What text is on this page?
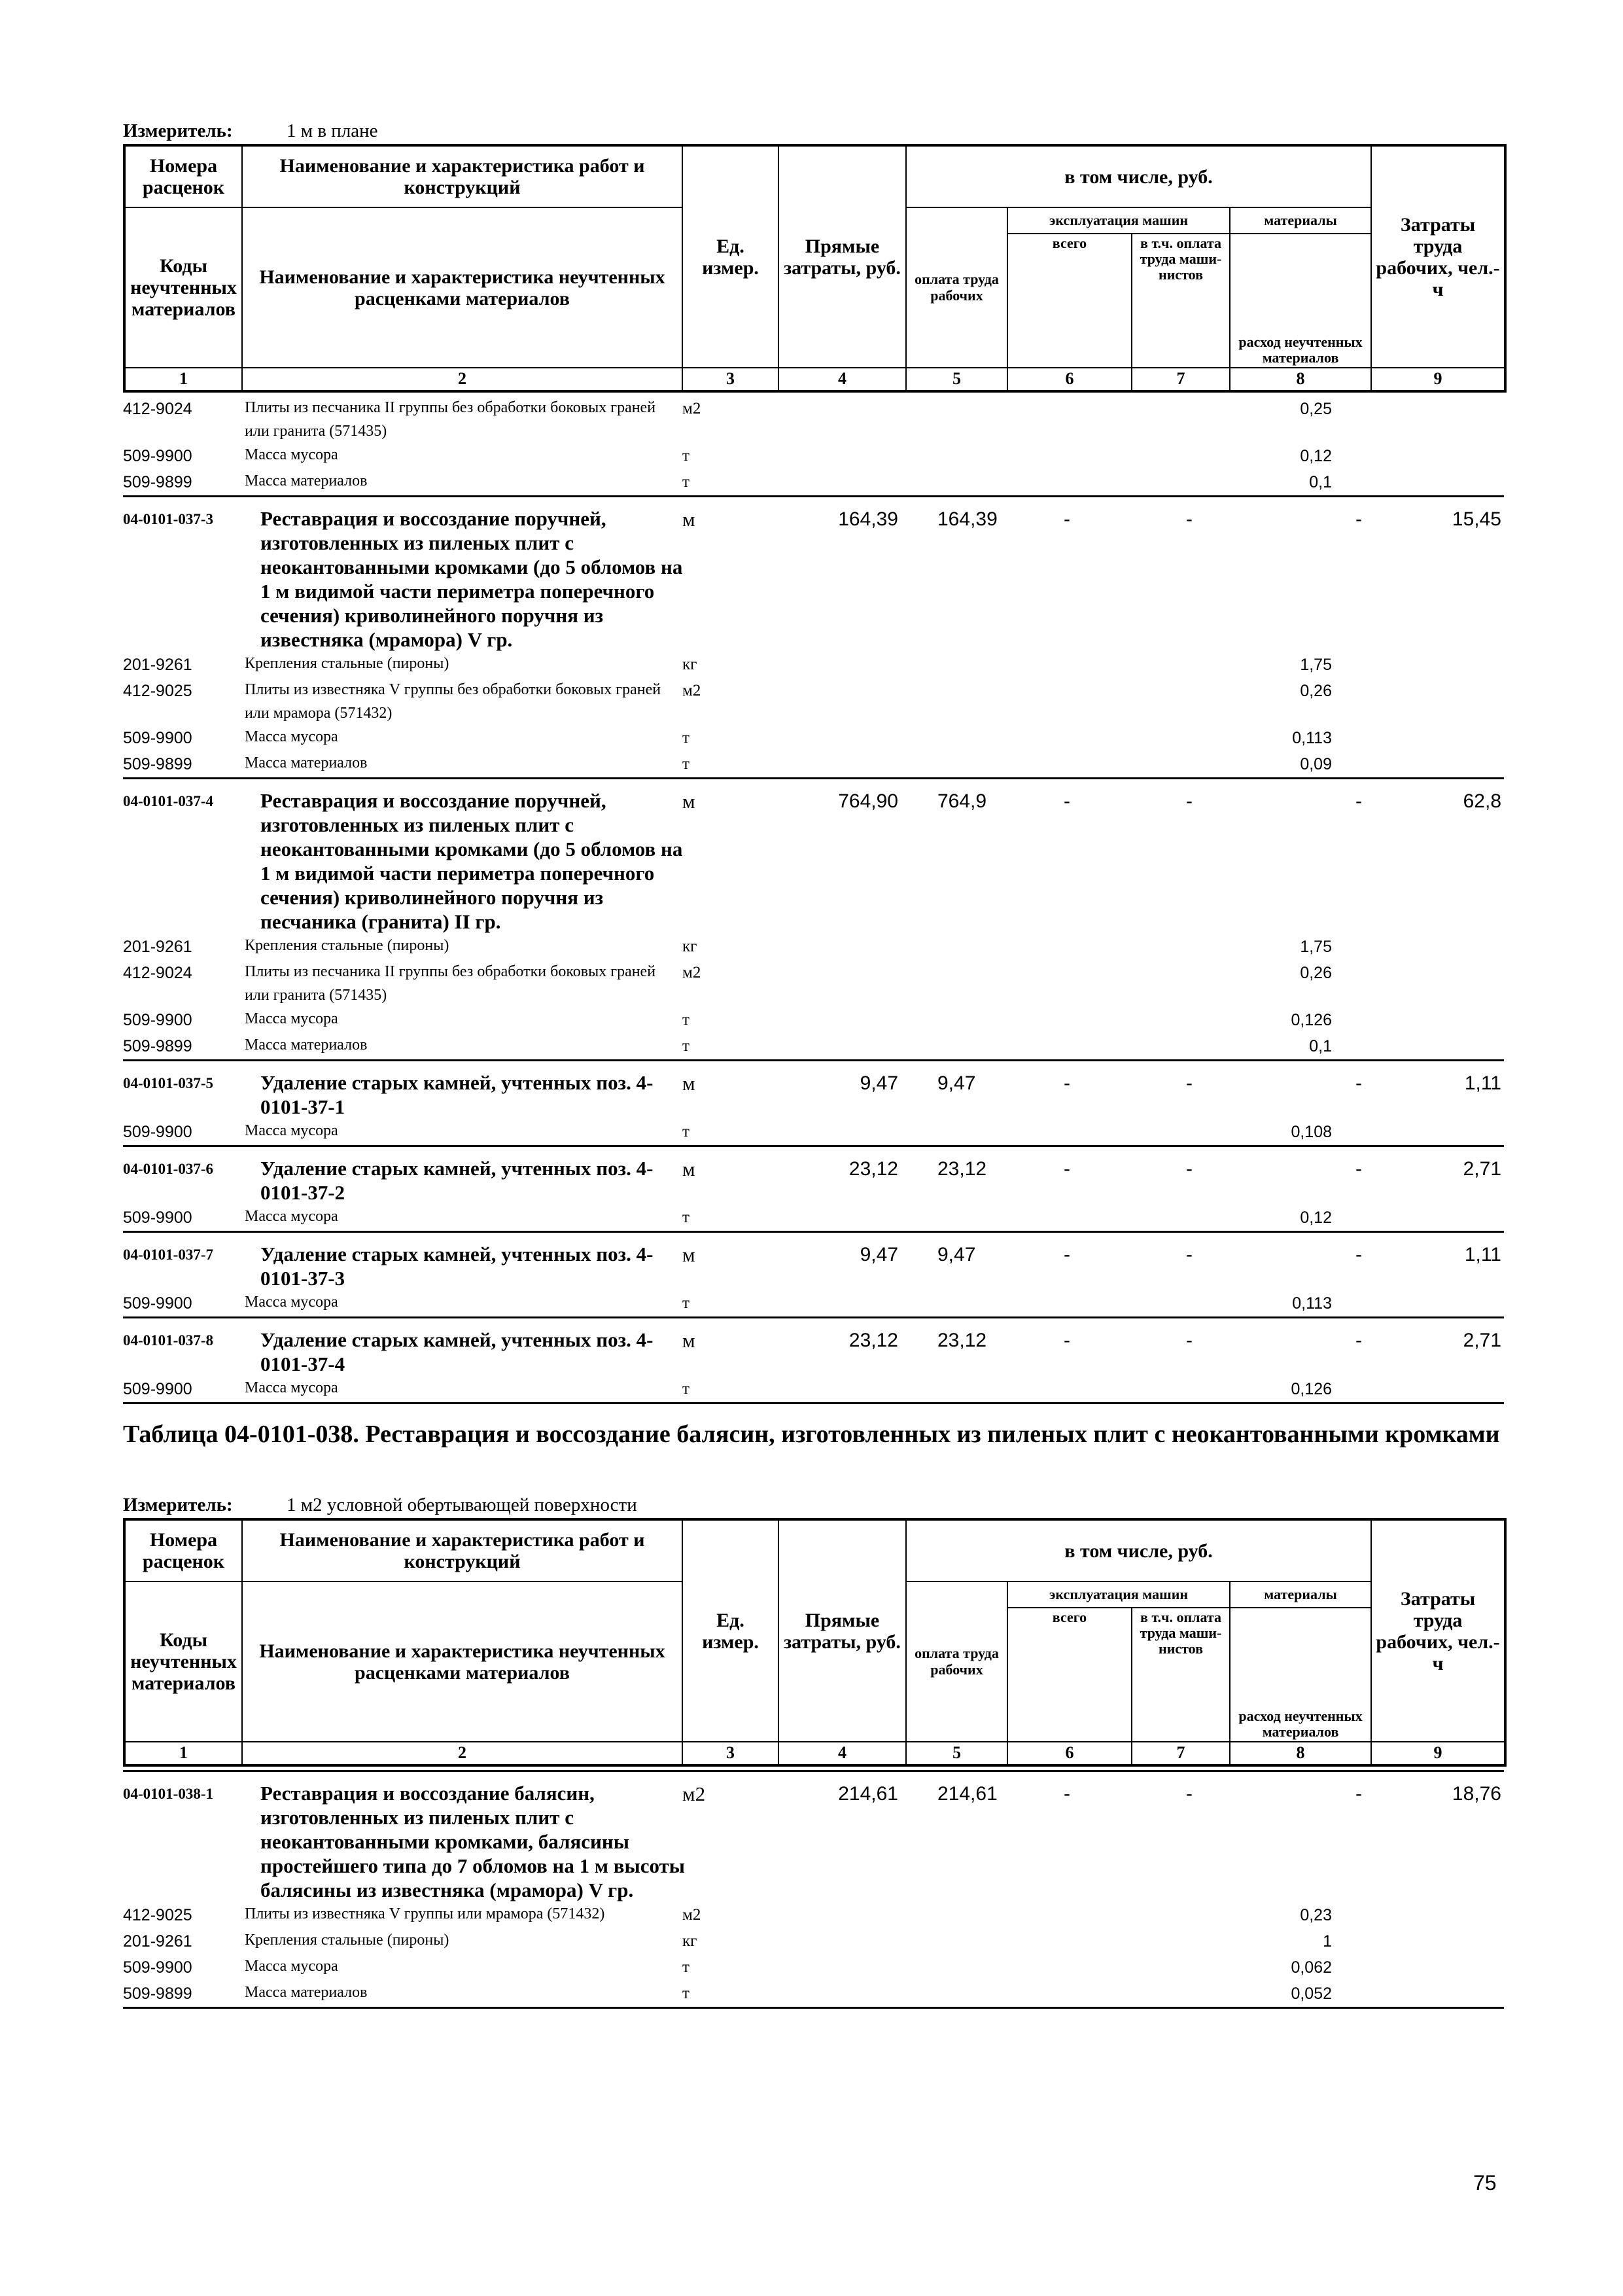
Измеритель:	1 м в плане
Номера расценок	Наименование и характеристика работ и конструкций	Ед. измер.	Прямые затраты, руб.	в том числе, руб.				Затраты труда рабочих, чел.-ч
Коды неучтенных материалов	Наименование и характеристика неучтенных расценками материалов			оплата труда рабочих	эксплуатация машин		материалы	
					всего	в т.ч. оплата труда маши-нистов	расход неучтенных материалов	
1	2	3	4	5	6	7	8	9
412-9024	Плиты из песчаника II группы без обработки боковых граней или гранита (571435)	м2					0,25	
509-9900	Масса мусора	т					0,12	
509-9899	Масса материалов	т					0,1	
04-0101-037-3	Реставрация и воссоздание поручней, изготовленных из пиленых плит с неокантованными кромками (до 5 обломов на 1 м видимой части периметра поперечного сечения) криволинейного поручня из известняка (мрамора) V гр.	м	164,39	164,39	-	-	-	15,45
201-9261	Крепления стальные (пироны)	кг					1,75	
412-9025	Плиты из известняка V группы без обработки боковых граней или мрамора (571432)	м2					0,26	
509-9900	Масса мусора	т					0,113	
509-9899	Масса материалов	т					0,09	
04-0101-037-4	Реставрация и воссоздание поручней, изготовленных из пиленых плит с неокантованными кромками (до 5 обломов на 1 м видимой части периметра поперечного сечения) криволинейного поручня из песчаника (гранита) II гр.	м	764,90	764,9	-	-	-	62,8
201-9261	Крепления стальные (пироны)	кг					1,75	
412-9024	Плиты из песчаника II группы без обработки боковых граней или гранита (571435)	м2					0,26	
509-9900	Масса мусора	т					0,126	
509-9899	Масса материалов	т					0,1	
04-0101-037-5	Удаление старых камней, учтенных поз. 4-0101-37-1	м	9,47	9,47	-	-	-	1,11
509-9900	Масса мусора	т					0,108	
04-0101-037-6	Удаление старых камней, учтенных поз. 4-0101-37-2	м	23,12	23,12	-	-	-	2,71
509-9900	Масса мусора	т					0,12	
04-0101-037-7	Удаление старых камней, учтенных поз. 4-0101-37-3	м	9,47	9,47	-	-	-	1,11
509-9900	Масса мусора	т					0,113	
04-0101-037-8	Удаление старых камней, учтенных поз. 4-0101-37-4	м	23,12	23,12	-	-	-	2,71
509-9900	Масса мусора	т					0,126	
Таблица 04-0101-038. Реставрация и воссоздание балясин, изготовленных из пиленых плит с неокантованными кромками
Измеритель:	1 м2 условной обертывающей поверхности
Номера расценок	Наименование и характеристика работ и конструкций	Ед. измер.	Прямые затраты, руб.	в том числе, руб.				Затраты труда рабочих, чел.-ч
Коды неучтенных материалов	Наименование и характеристика неучтенных расценками материалов			оплата труда рабочих	эксплуатация машин		материалы	
					всего	в т.ч. оплата труда маши-нистов	расход неучтенных материалов	
1	2	3	4	5	6	7	8	9
04-0101-038-1	Реставрация и воссоздание балясин, изготовленных из пиленых плит с неокантованными кромками, балясины простейшего типа до 7 обломов на 1 м высоты балясины из известняка (мрамора) V гр.	м2	214,61	214,61	-	-	-	18,76
412-9025	Плиты из известняка V группы или мрамора (571432)	м2					0,23	
201-9261	Крепления стальные (пироны)	кг					1	
509-9900	Масса мусора	т					0,062	
509-9899	Масса материалов	т					0,052	
75
